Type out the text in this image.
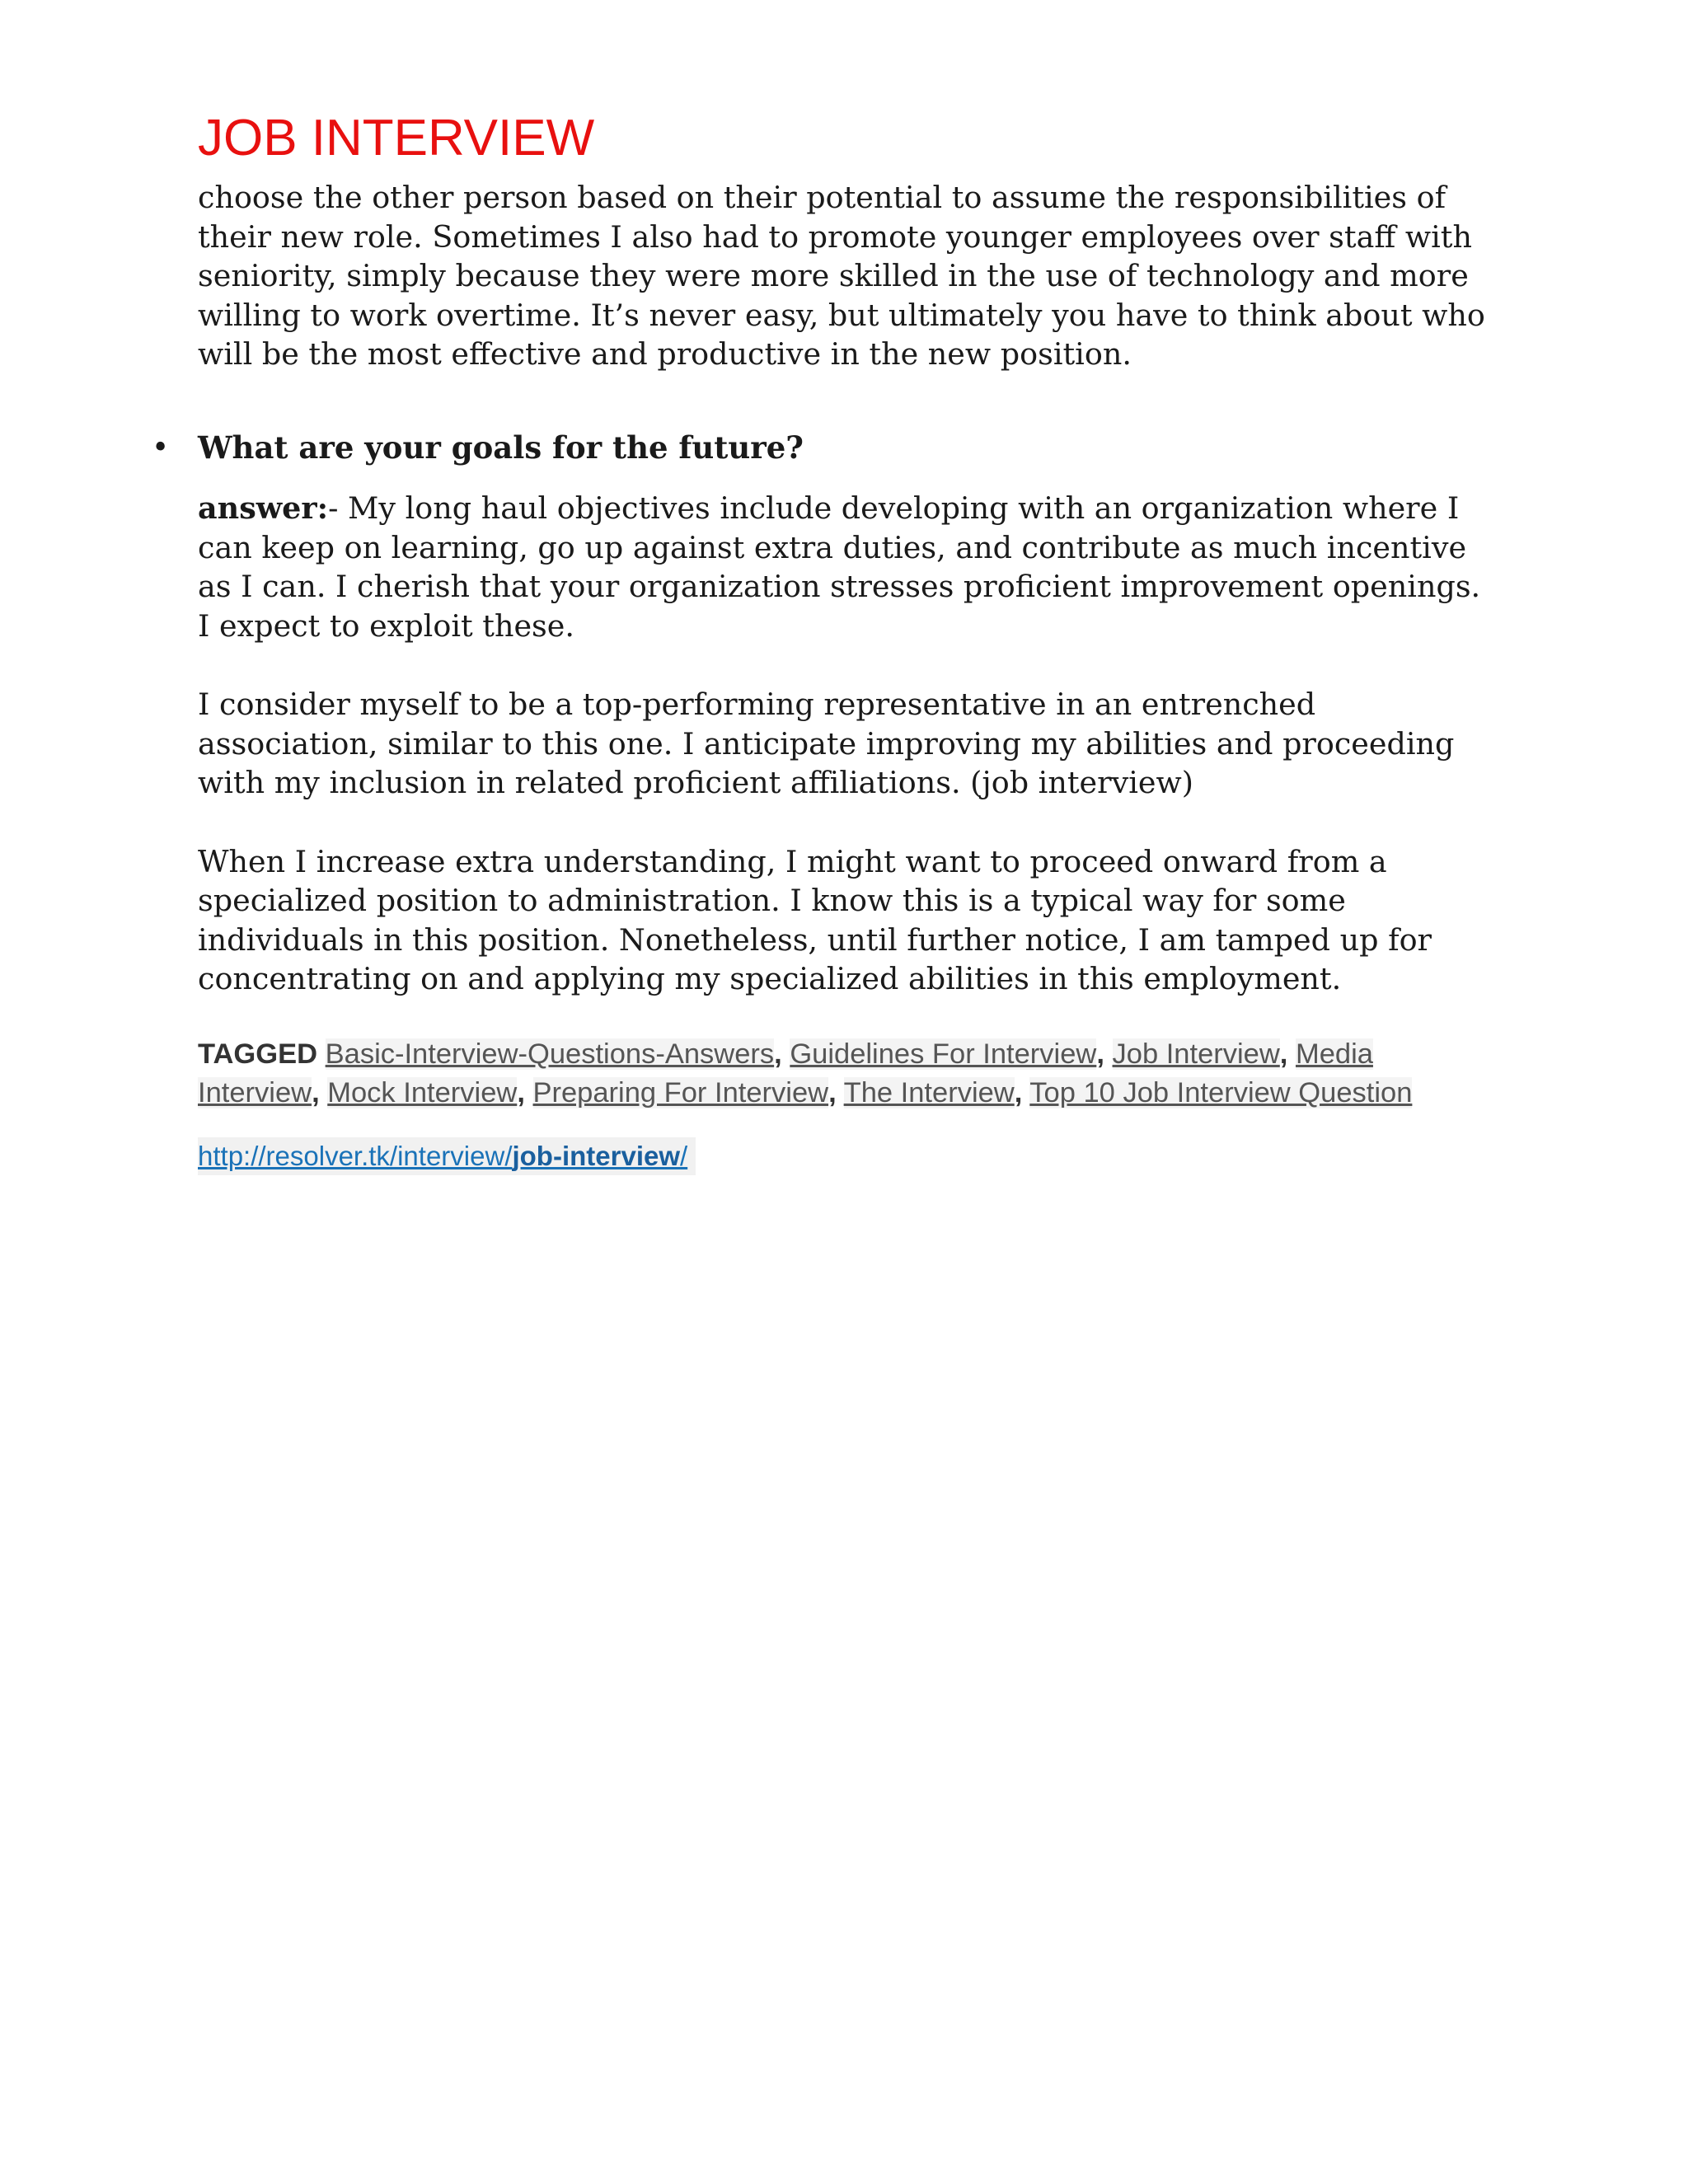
JOB INTERVIEW

choose the other person based on their potential to assume the responsibilities of their new role. Sometimes I also had to promote younger employees over staff with seniority, simply because they were more skilled in the use of technology and more willing to work overtime. It’s never easy, but ultimately you have to think about who will be the most effective and productive in the new position.

• What are your goals for the future?

answer:- My long haul objectives include developing with an organization where I can keep on learning, go up against extra duties, and contribute as much incentive as I can. I cherish that your organization stresses proficient improvement openings. I expect to exploit these.

I consider myself to be a top-performing representative in an entrenched association, similar to this one. I anticipate improving my abilities and proceeding with my inclusion in related proficient affiliations. (job interview)

When I increase extra understanding, I might want to proceed onward from a specialized position to administration. I know this is a typical way for some individuals in this position. Nonetheless, until further notice, I am tamped up for concentrating on and applying my specialized abilities in this employment.

TAGGED Basic-Interview-Questions-Answers, Guidelines For Interview, Job Interview, Media Interview, Mock Interview, Preparing For Interview, The Interview, Top 10 Job Interview Question
http://resolver.tk/interview/job-interview/
